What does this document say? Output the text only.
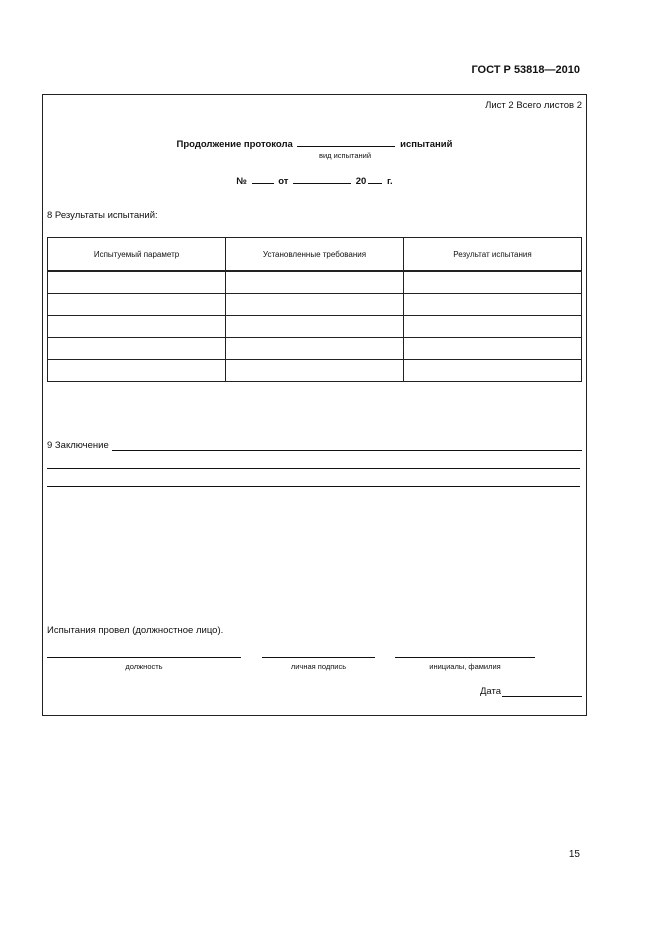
ГОСТ Р 53818—2010
Лист 2 Всего листов 2
Продолжение протокола	испытаний
вид испытаний
№	от	20 г.
8 Результаты испытаний:
Испытуемый параметр	Установленные требования	Результат испытания

9 Заключение
Испытания провел (должностное лицо).
должность	личная подпись	инициалы, фамилия
Дата
15
